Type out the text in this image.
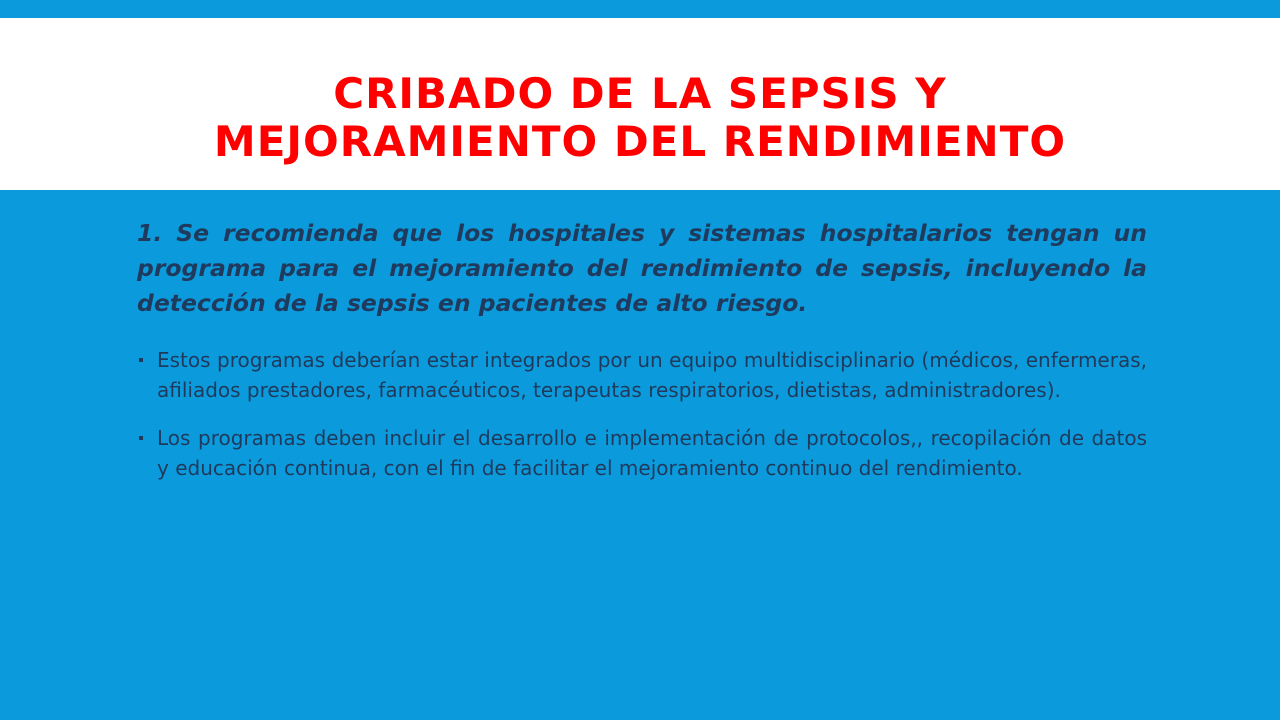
CRIBADO DE LA SEPSIS Y
MEJORAMIENTO DEL RENDIMIENTO

1. Se recomienda que los hospitales y sistemas hospitalarios tengan un programa para el mejoramiento del rendimiento de sepsis, incluyendo la detección de la sepsis en pacientes de alto riesgo.

Estos programas deberían estar integrados por un equipo multidisciplinario (médicos, enfermeras, afiliados prestadores, farmacéuticos, terapeutas respiratorios, dietistas, administradores).
Los programas deben incluir el desarrollo e implementación de protocolos,, recopilación de datos y educación continua, con el fin de facilitar el mejoramiento continuo del rendimiento.
